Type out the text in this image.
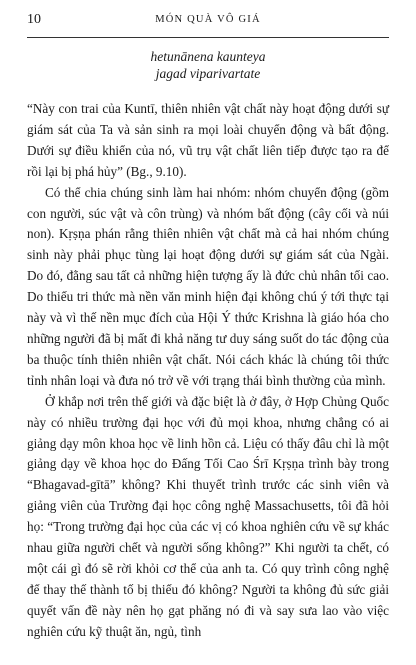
10	MÓN QUÀ VÔ GIÁ
hetunānena kaunteya
jagad viparivartate

“Này con trai của Kuntī, thiên nhiên vật chất này hoạt động dưới sự giám sát của Ta và sản sinh ra mọi loài chuyển động và bất động. Dưới sự điều khiển của nó, vũ trụ vật chất liên tiếp được tạo ra để rồi lại bị phá hủy” (Bg., 9.10).

Có thể chia chúng sinh làm hai nhóm: nhóm chuyển động (gồm con người, súc vật và côn trùng) và nhóm bất động (cây cối và núi non). Kṛṣṇa phán rằng thiên nhiên vật chất mà cả hai nhóm chúng sinh này phải phục tùng lại hoạt động dưới sự giám sát của Ngài. Do đó, đằng sau tất cả những hiện tượng ấy là đức chủ nhân tối cao. Do thiếu tri thức mà nền văn minh hiện đại không chú ý tới thực tại này và vì thế nền mục đích của Hội Ý thức Krishna là giáo hóa cho những người đã bị mất đi khả năng tư duy sáng suốt do tác động của ba thuộc tính thiên nhiên vật chất. Nói cách khác là chúng tôi thức tỉnh nhân loại và đưa nó trở về với trạng thái bình thường của mình.

Ở khắp nơi trên thế giới và đặc biệt là ở đây, ở Hợp Chủng Quốc này có nhiều trường đại học với đủ mọi khoa, nhưng chẳng có ai giảng dạy môn khoa học về linh hồn cả. Liệu có thấy đâu chỉ là một giảng dạy về khoa học do Đấng Tối Cao Śrī Kṛṣṇa trình bày trong “Bhagavad-gītā” không? Khi thuyết trình trước các sinh viên và giảng viên của Trường đại học công nghệ Massachusetts, tôi đã hỏi họ: “Trong trường đại học của các vị có khoa nghiên cứu về sự khác nhau giữa người chết và người sống không?” Khi người ta chết, có một cái gì đó sẽ rời khỏi cơ thể của anh ta. Có quy trình công nghệ để thay thế thành tố bị thiếu đó không? Người ta không đủ sức giải quyết vấn đề này nên họ gạt phăng nó đi và say sưa lao vào việc nghiên cứu kỹ thuật ăn, ngủ, tình
